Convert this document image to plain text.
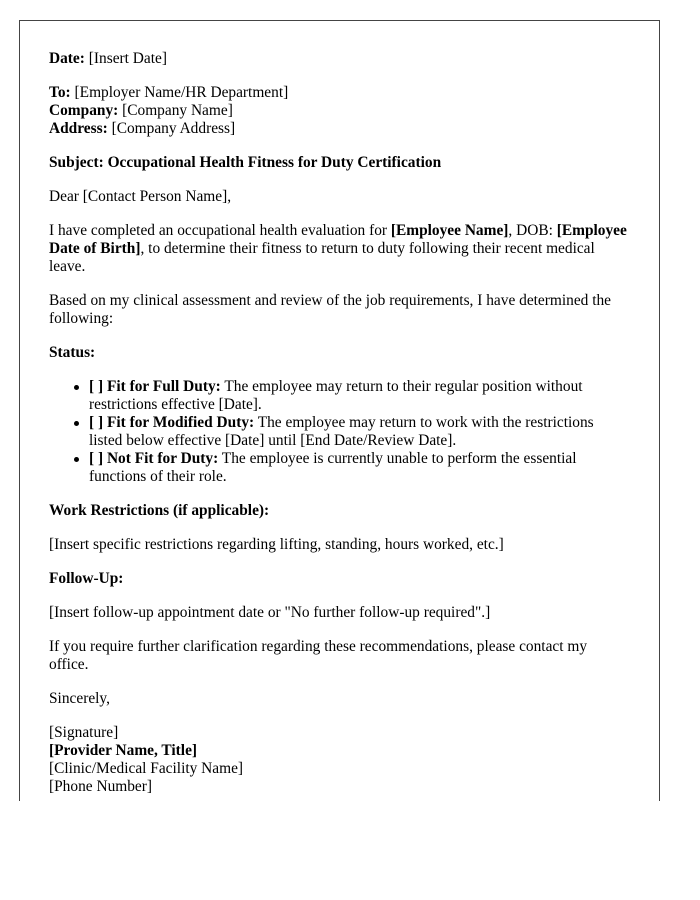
Date: [Insert Date]

To: [Employer Name/HR Department]
Company: [Company Name]
Address: [Company Address]

Subject: Occupational Health Fitness for Duty Certification

Dear [Contact Person Name],

I have completed an occupational health evaluation for [Employee Name], DOB: [Employee Date of Birth], to determine their fitness to return to duty following their recent medical leave.

Based on my clinical assessment and review of the job requirements, I have determined the following:

Status:

[ ] Fit for Full Duty: The employee may return to their regular position without restrictions effective [Date].
[ ] Fit for Modified Duty: The employee may return to work with the restrictions listed below effective [Date] until [End Date/Review Date].
[ ] Not Fit for Duty: The employee is currently unable to perform the essential functions of their role.

Work Restrictions (if applicable):

[Insert specific restrictions regarding lifting, standing, hours worked, etc.]

Follow-Up:

[Insert follow-up appointment date or "No further follow-up required".]

If you require further clarification regarding these recommendations, please contact my office.

Sincerely,

[Signature]
[Provider Name, Title]
[Clinic/Medical Facility Name]
[Phone Number]
